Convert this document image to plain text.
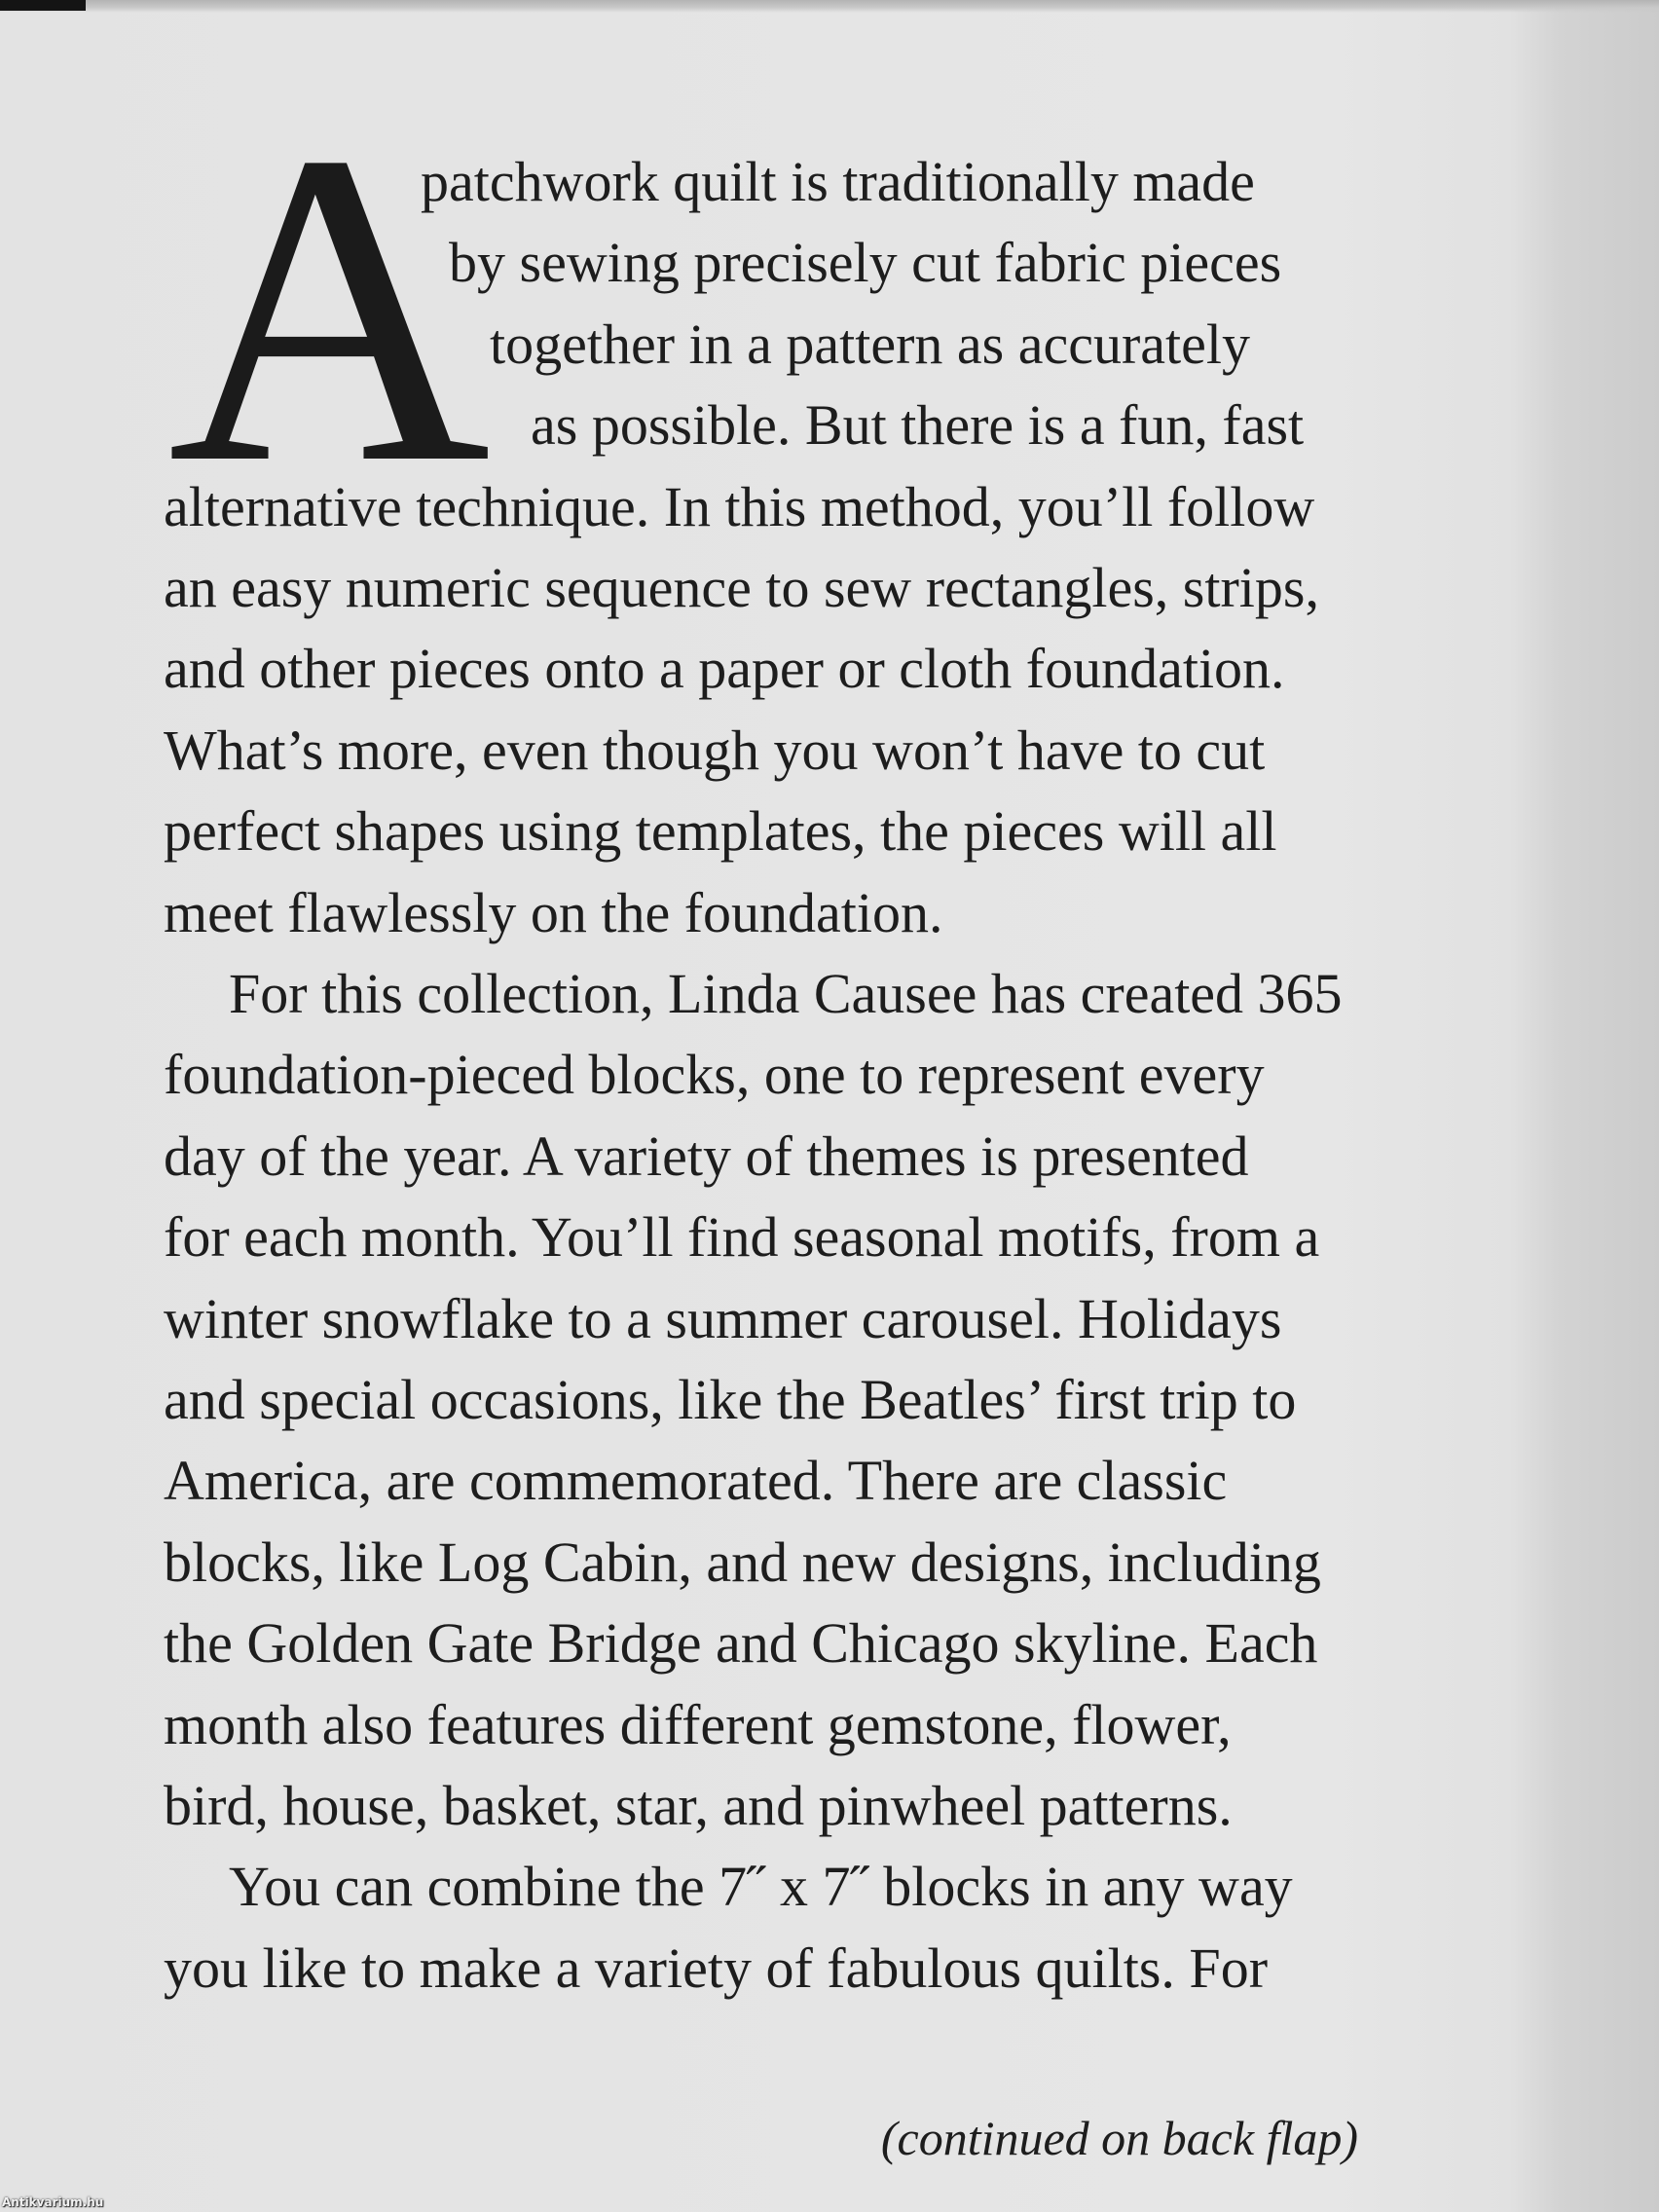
A
patchwork quilt is traditionally made
by sewing precisely cut fabric pieces
together in a pattern as accurately
as possible. But there is a fun, fast
alternative technique. In this method, you’ll follow
an easy numeric sequence to sew rectangles, strips,
and other pieces onto a paper or cloth foundation.
What’s more, even though you won’t have to cut
perfect shapes using templates, the pieces will all
meet flawlessly on the foundation.
For this collection, Linda Causee has created 365
foundation-pieced blocks, one to represent every
day of the year. A variety of themes is presented
for each month. You’ll find seasonal motifs, from a
winter snowflake to a summer carousel. Holidays
and special occasions, like the Beatles’ first trip to
America, are commemorated. There are classic
blocks, like Log Cabin, and new designs, including
the Golden Gate Bridge and Chicago skyline. Each
month also features different gemstone, flower,
bird, house, basket, star, and pinwheel patterns.
You can combine the 7˝ x 7˝ blocks in any way
you like to make a variety of fabulous quilts. For
(continued on back flap)
Antikvarium.hu
